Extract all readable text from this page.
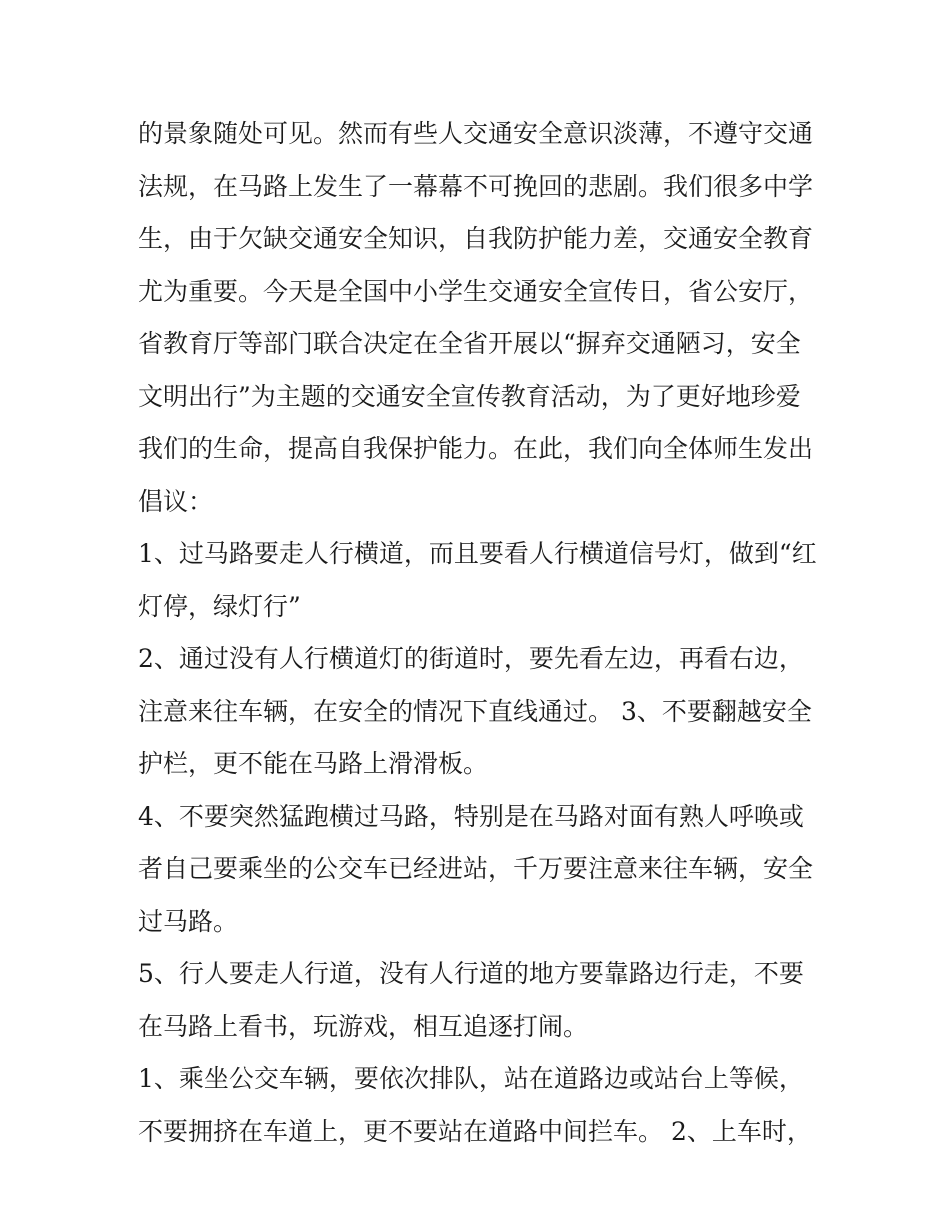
的景象随处可见。然而有些人交通安全意识淡薄，不遵守交通
法规，在马路上发生了一幕幕不可挽回的悲剧。我们很多中学
生，由于欠缺交通安全知识，自我防护能力差，交通安全教育
尤为重要。今天是全国中小学生交通安全宣传日，省公安厅，
省教育厅等部门联合决定在全省开展以“摒弃交通陋习，安全
文明出行”为主题的交通安全宣传教育活动，为了更好地珍爱
我们的生命，提高自我保护能力。在此，我们向全体师生发出
倡议：
1、过马路要走人行横道，而且要看人行横道信号灯，做到“红
灯停，绿灯行”
2、通过没有人行横道灯的街道时，要先看左边，再看右边，
注意来往车辆，在安全的情况下直线通过。 3、不要翻越安全
护栏，更不能在马路上滑滑板。
4、不要突然猛跑横过马路，特别是在马路对面有熟人呼唤或
者自己要乘坐的公交车已经进站，千万要注意来往车辆，安全
过马路。
5、行人要走人行道，没有人行道的地方要靠路边行走，不要
在马路上看书，玩游戏，相互追逐打闹。
1、乘坐公交车辆，要依次排队，站在道路边或站台上等候，
不要拥挤在车道上，更不要站在道路中间拦车。 2、上车时，
